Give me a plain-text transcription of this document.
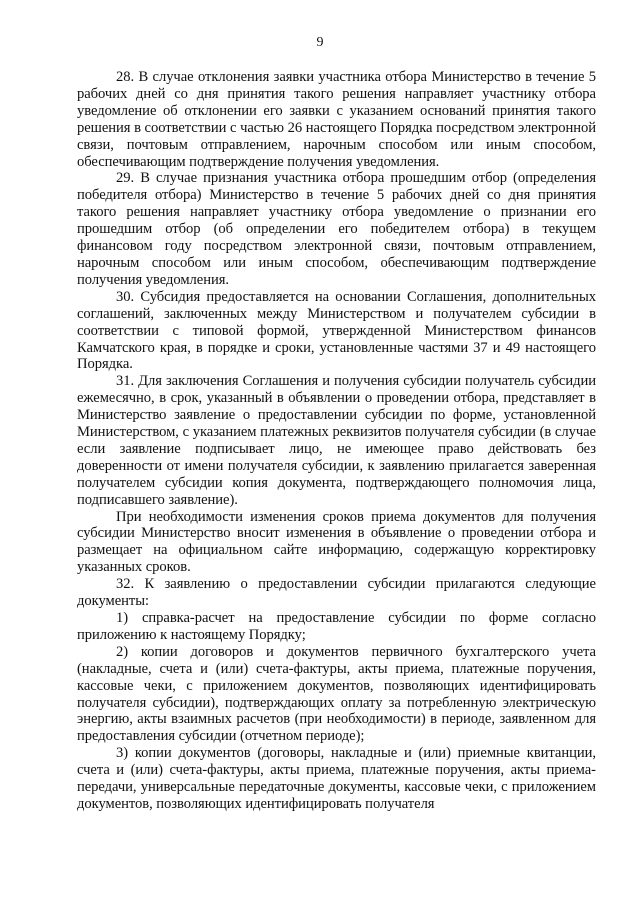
9

28. В случае отклонения заявки участника отбора Министерство в течение 5 рабочих дней со дня принятия такого решения направляет участнику отбора уведомление об отклонении его заявки с указанием оснований принятия такого решения в соответствии с частью 26 настоящего Порядка посредством электронной связи, почтовым отправлением, нарочным способом или иным способом, обеспечивающим подтверждение получения уведомления.

29. В случае признания участника отбора прошедшим отбор (определения победителя отбора) Министерство в течение 5 рабочих дней со дня принятия такого решения направляет участнику отбора уведомление о признании его прошедшим отбор (об определении его победителем отбора) в текущем финансовом году посредством электронной связи, почтовым отправлением, нарочным способом или иным способом, обеспечивающим подтверждение получения уведомления.

30. Субсидия предоставляется на основании Соглашения, дополнительных соглашений, заключенных между Министерством и получателем субсидии в соответствии с типовой формой, утвержденной Министерством финансов Камчатского края, в порядке и сроки, установленные частями 37 и 49 настоящего Порядка.

31. Для заключения Соглашения и получения субсидии получатель субсидии ежемесячно, в срок, указанный в объявлении о проведении отбора, представляет в Министерство заявление о предоставлении субсидии по форме, установленной Министерством, с указанием платежных реквизитов получателя субсидии (в случае если заявление подписывает лицо, не имеющее право действовать без доверенности от имени получателя субсидии, к заявлению прилагается заверенная получателем субсидии копия документа, подтверждающего полномочия лица, подписавшего заявление).

При необходимости изменения сроков приема документов для получения субсидии Министерство вносит изменения в объявление о проведении отбора и размещает на официальном сайте информацию, содержащую корректировку указанных сроков.

32. К заявлению о предоставлении субсидии прилагаются следующие документы:

1) справка-расчет на предоставление субсидии по форме согласно приложению к настоящему Порядку;

2) копии договоров и документов первичного бухгалтерского учета (накладные, счета и (или) счета-фактуры, акты приема, платежные поручения, кассовые чеки, с приложением документов, позволяющих идентифицировать получателя субсидии), подтверждающих оплату за потребленную электрическую энергию, акты взаимных расчетов (при необходимости) в периоде, заявленном для предоставления субсидии (отчетном периоде);

3) копии документов (договоры, накладные и (или) приемные квитанции, счета и (или) счета-фактуры, акты приема, платежные поручения, акты приема-передачи, универсальные передаточные документы, кассовые чеки, с приложением документов, позволяющих идентифицировать получателя
